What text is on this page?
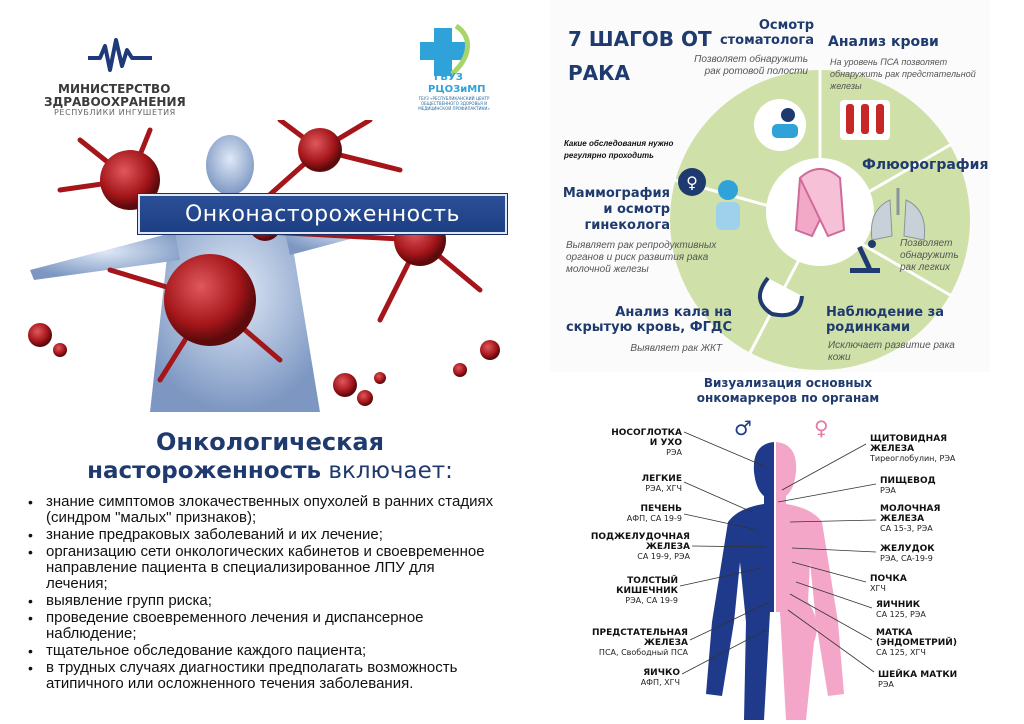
МИНИСТЕРСТВО
ЗДРАВООХРАНЕНИЯ
РЕСПУБЛИКИ ИНГУШЕТИЯ
ГБУЗ
РЦОЗиМП
ГБУЗ «РЕСПУБЛИКАНСКИЙ ЦЕНТР ОБЩЕСТВЕННОГО ЗДОРОВЬЯ И МЕДИЦИНСКОЙ ПРОФИЛАКТИКИ»
Онконастороженность
♀
7 ШАГОВ ОТ
РАКА
Какие обследования нужно регулярно проходить
Осмотр стоматолога
Позволяет обнаружить рак ротовой полости
Анализ крови
На уровень ПСА позволяет обнаружить рак предстательной железы
Флюорография
Позволяет обнаружить рак легких
Маммография и осмотр гинеколога
Выявляет рак репродуктивных органов и риск развития рака молочной железы
Анализ кала на скрытую кровь, ФГДС
Выявляет рак ЖКТ
Наблюдение за родинками
Исключает развитие рака кожи
Онкологическая
настороженность включает:
• знание симптомов злокачественных опухолей в ранних стадиях (синдром "малых" признаков);
• знание предраковых заболеваний и их лечение;
• организацию сети онкологических кабинетов и своевременное направление пациента в специализированное ЛПУ для лечения;
• выявление групп риска;
• проведение своевременного лечения и диспансерное наблюдение;
• тщательное обследование каждого пациента;
• в трудных случаях диагностики предполагать возможность атипичного или осложненного течения заболевания.
Визуализация основных
онкомаркеров по органам
♂	♀
НОСОГЛОТКА
И УХО
РЭА
ЛЕГКИЕ
РЭА, ХГЧ
ПЕЧЕНЬ
АФП, CA 19-9
ПОДЖЕЛУДОЧНАЯ
ЖЕЛЕЗА
CA 19-9, РЭА
ТОЛСТЫЙ
КИШЕЧНИК
РЭА, CA 19-9
ПРЕДСТАТЕЛЬНАЯ
ЖЕЛЕЗА
ПСА, Свободный ПСА
ЯИЧКО
АФП, ХГЧ
ЩИТОВИДНАЯ
ЖЕЛЕЗА
Тиреоглобулин, РЭА
ПИЩЕВОД
РЭА
МОЛОЧНАЯ
ЖЕЛЕЗА
CA 15-3, РЭА
ЖЕЛУДОК
РЭА, CA-19-9
ПОЧКА
ХГЧ
ЯИЧНИК
CA 125, РЭА
МАТКА
(ЭНДОМЕТРИЙ)
CA 125, ХГЧ
ШЕЙКА МАТКИ
РЭА
